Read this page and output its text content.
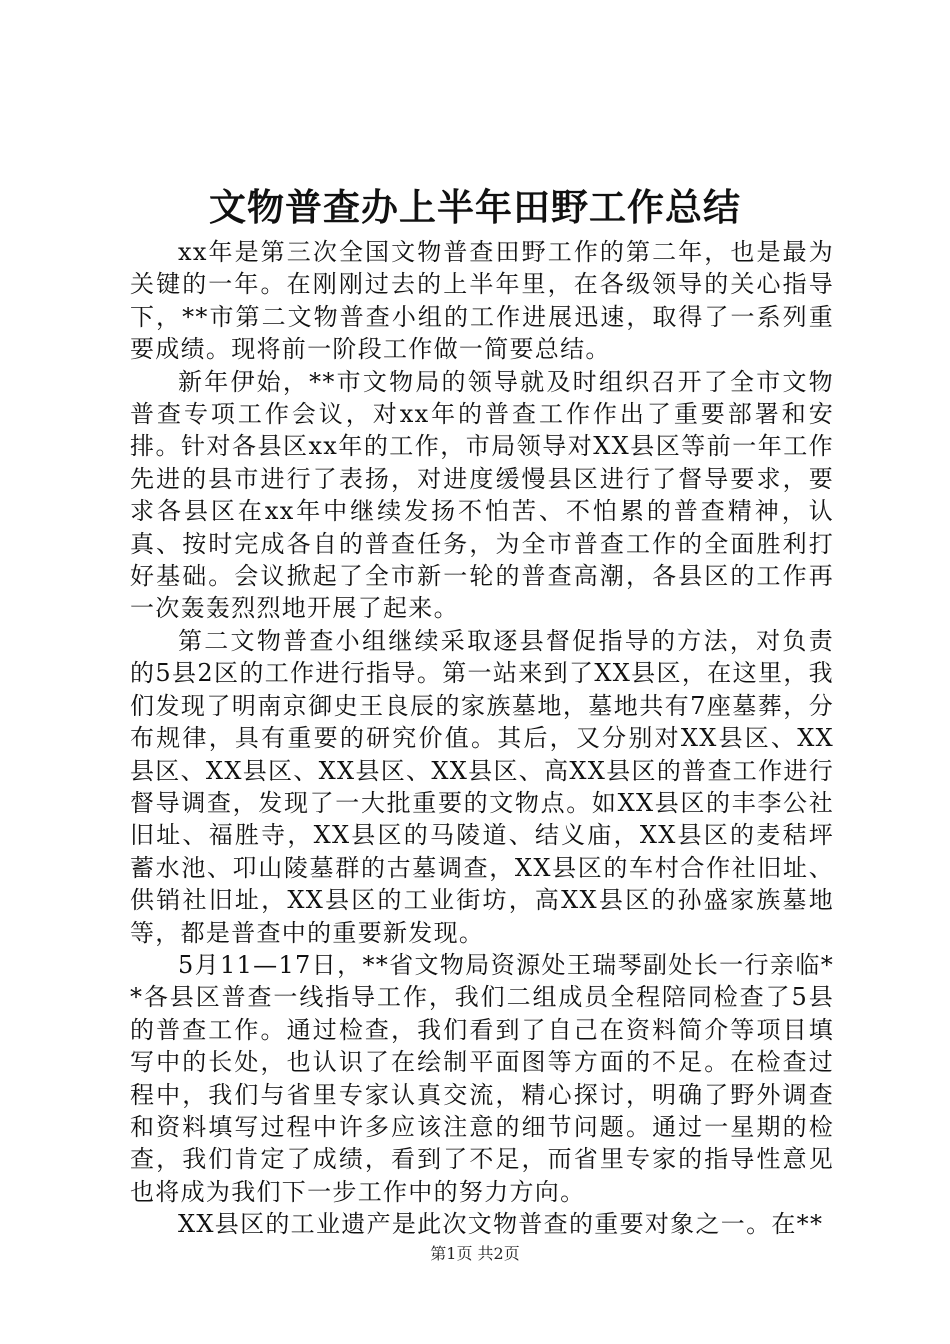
文物普查办上半年田野工作总结

xx年是第三次全国文物普查田野工作的第二年，也是最为关键的一年。在刚刚过去的上半年里，在各级领导的关心指导下，**市第二文物普查小组的工作进展迅速，取得了一系列重要成绩。现将前一阶段工作做一简要总结。

新年伊始，**市文物局的领导就及时组织召开了全市文物普查专项工作会议，对xx年的普查工作作出了重要部署和安排。针对各县区xx年的工作，市局领导对XX县区等前一年工作先进的县市进行了表扬，对进度缓慢县区进行了督导要求，要求各县区在xx年中继续发扬不怕苦、不怕累的普查精神，认真、按时完成各自的普查任务，为全市普查工作的全面胜利打好基础。会议掀起了全市新一轮的普查高潮，各县区的工作再一次轰轰烈烈地开展了起来。

第二文物普查小组继续采取逐县督促指导的方法，对负责的5县2区的工作进行指导。第一站来到了XX县区，在这里，我们发现了明南京御史王良辰的家族墓地，墓地共有7座墓葬，分布规律，具有重要的研究价值。其后，又分别对XX县区、XX县区、XX县区、XX县区、XX县区、高XX县区的普查工作进行督导调查，发现了一大批重要的文物点。如XX县区的丰李公社旧址、福胜寺，XX县区的马陵道、结义庙，XX县区的麦秸坪蓄水池、卭山陵墓群的古墓调查，XX县区的车村合作社旧址、供销社旧址，XX县区的工业街坊，高XX县区的孙盛家族墓地等，都是普查中的重要新发现。

5月11—17日，**省文物局资源处王瑞琴副处长一行亲临**各县区普查一线指导工作，我们二组成员全程陪同检查了5县的普查工作。通过检查，我们看到了自己在资料简介等项目填写中的长处，也认识了在绘制平面图等方面的不足。在检查过程中，我们与省里专家认真交流，精心探讨，明确了野外调查和资料填写过程中许多应该注意的细节问题。通过一星期的检查，我们肯定了成绩，看到了不足，而省里专家的指导性意见也将成为我们下一步工作中的努力方向。

XX县区的工业遗产是此次文物普查的重要对象之一。在**

第1页 共2页
